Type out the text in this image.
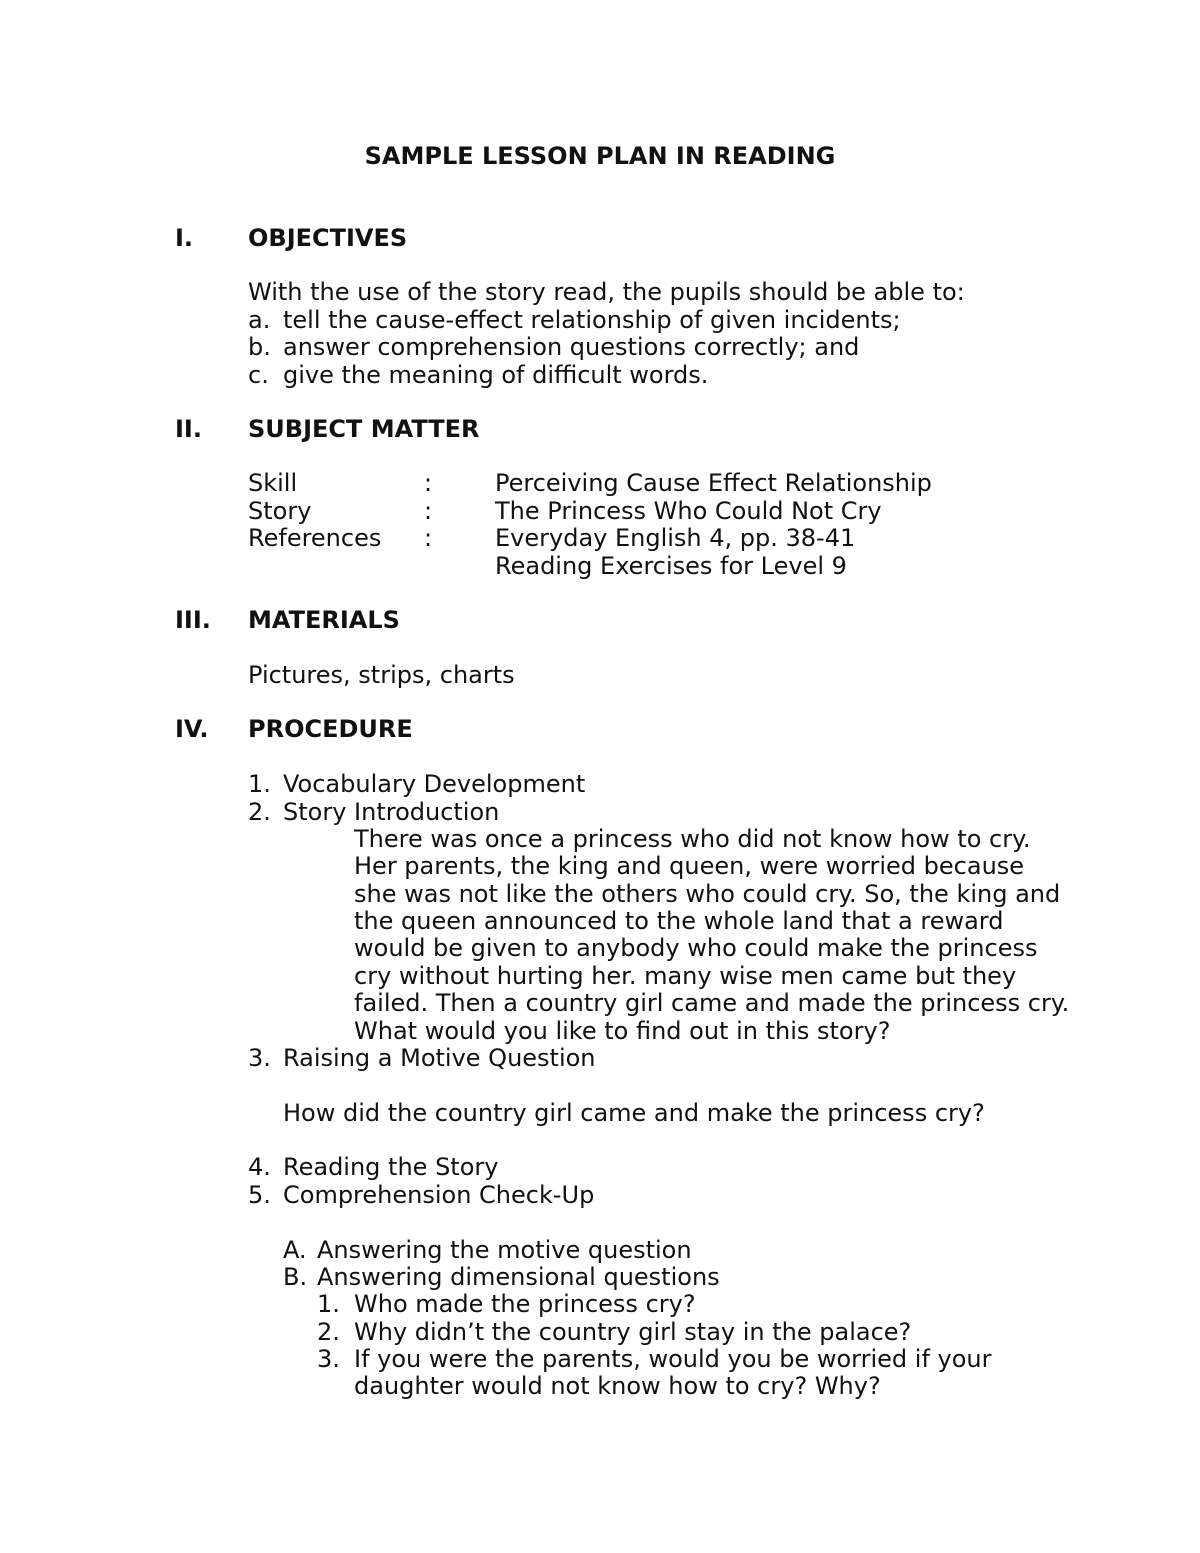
SAMPLE LESSON PLAN IN READING
I. OBJECTIVES
With the use of the story read, the pupils should be able to:
a. tell the cause-effect relationship of given incidents;
b. answer comprehension questions correctly; and
c. give the meaning of difficult words.
II. SUBJECT MATTER
Skill	:	Perceiving Cause Effect Relationship
Story	:	The Princess Who Could Not Cry
References :	Everyday English 4, pp. 38-41
Reading Exercises for Level 9
III. MATERIALS
Pictures, strips, charts
IV. PROCEDURE
1. Vocabulary Development
2. Story Introduction
There was once a princess who did not know how to cry.
Her parents, the king and queen, were worried because
she was not like the others who could cry. So, the king and
the queen announced to the whole land that a reward
would be given to anybody who could make the princess
cry without hurting her. many wise men came but they
failed. Then a country girl came and made the princess cry.
What would you like to find out in this story?
3. Raising a Motive Question
How did the country girl came and make the princess cry?
4. Reading the Story
5. Comprehension Check-Up
A. Answering the motive question
B. Answering dimensional questions
1. Who made the princess cry?
2. Why didn’t the country girl stay in the palace?
3. If you were the parents, would you be worried if your
daughter would not know how to cry? Why?
